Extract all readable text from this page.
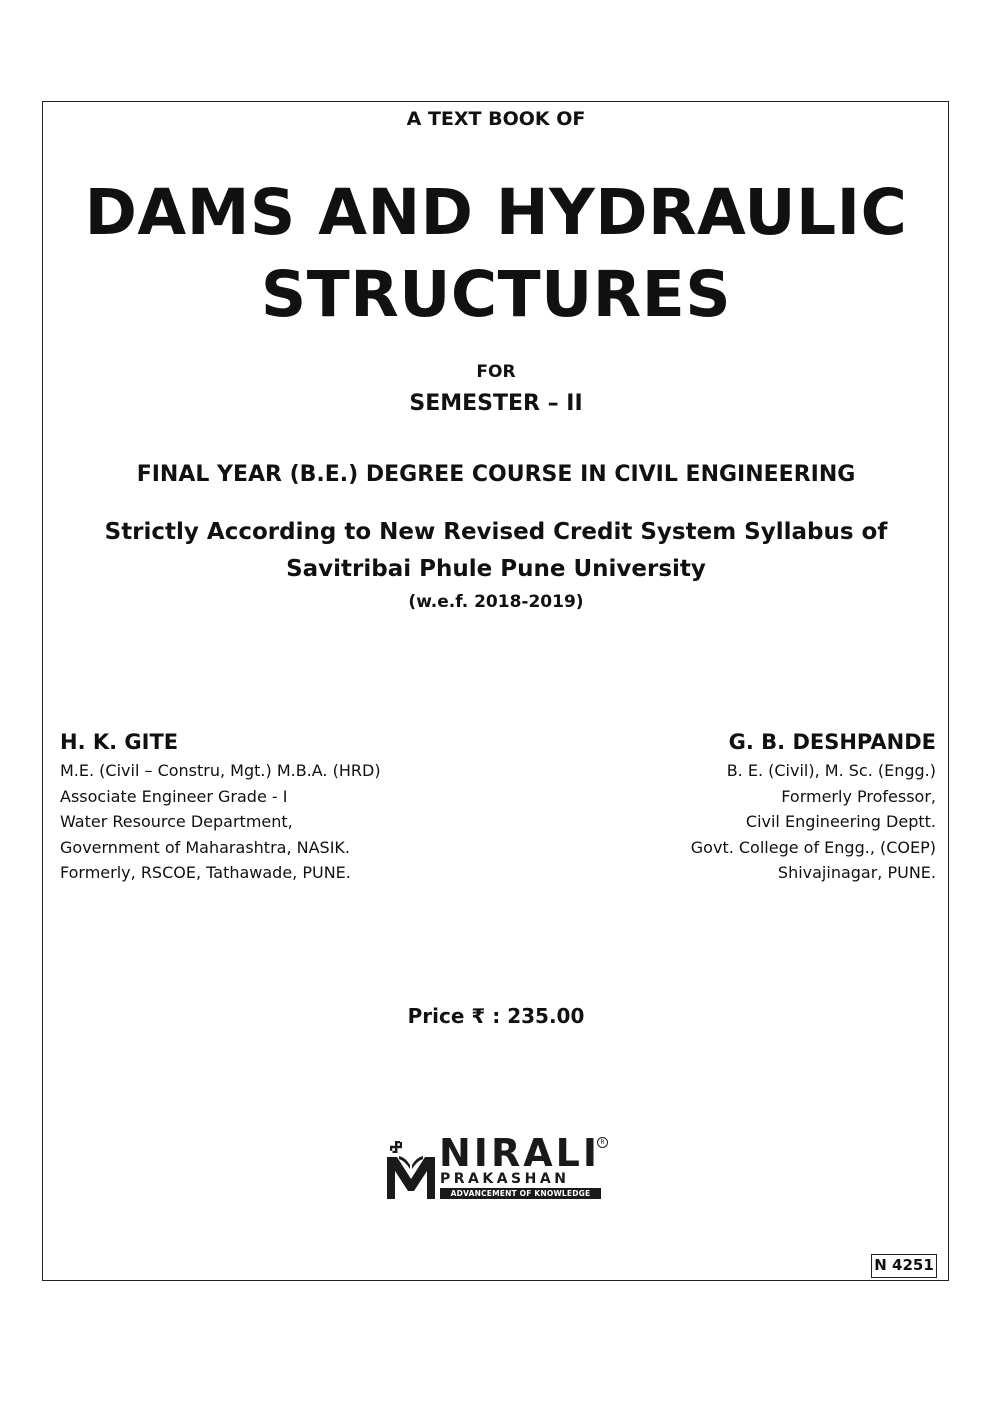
A TEXT BOOK OF
DAMS AND HYDRAULIC
STRUCTURES
FOR
SEMESTER – II
FINAL YEAR (B.E.) DEGREE COURSE IN CIVIL ENGINEERING
Strictly According to New Revised Credit System Syllabus of
Savitribai Phule Pune University
(w.e.f. 2018-2019)
H. K. GITE
M.E. (Civil – Constru, Mgt.) M.B.A. (HRD)
Associate Engineer Grade - I
Water Resource Department,
Government of Maharashtra, NASIK.
Formerly, RSCOE, Tathawade, PUNE.
G. B. DESHPANDE
B. E. (Civil), M. Sc. (Engg.)
Formerly Professor,
Civil Engineering Deptt.
Govt. College of Engg., (COEP)
Shivajinagar, PUNE.
Price ₹ : 235.00
NIRALI
PRAKASHAN
ADVANCEMENT OF KNOWLEDGE
R
N 4251
